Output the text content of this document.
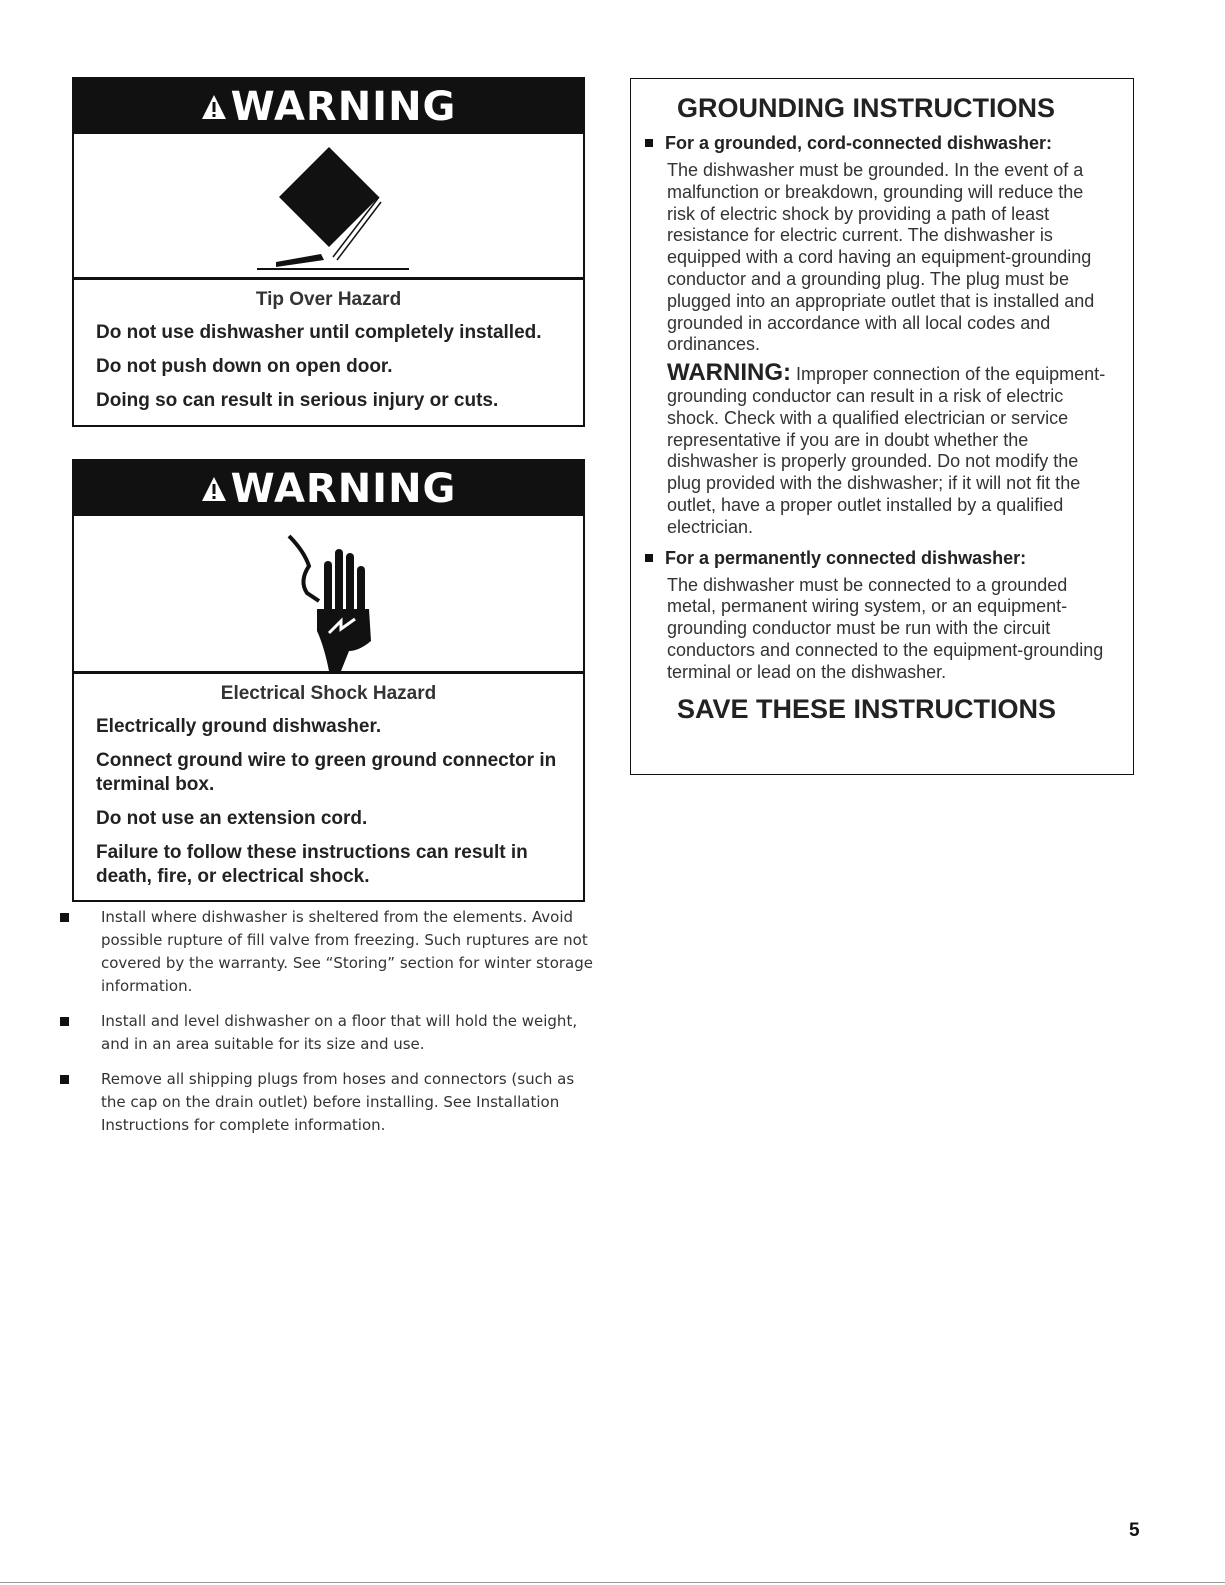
WARNING
Tip Over Hazard
Do not use dishwasher until completely installed.
Do not push down on open door.
Doing so can result in serious injury or cuts.
WARNING
Electrical Shock Hazard
Electrically ground dishwasher.
Connect ground wire to green ground connector in terminal box.
Do not use an extension cord.
Failure to follow these instructions can result in death, fire, or electrical shock.
Install where dishwasher is sheltered from the elements. Avoid possible rupture of fill valve from freezing. Such ruptures are not covered by the warranty. See “Storing” section for winter storage information.
Install and level dishwasher on a floor that will hold the weight, and in an area suitable for its size and use.
Remove all shipping plugs from hoses and connectors (such as the cap on the drain outlet) before installing. See Installation Instructions for complete information.
GROUNDING INSTRUCTIONS
For a grounded, cord-connected dishwasher:
The dishwasher must be grounded. In the event of a malfunction or breakdown, grounding will reduce the risk of electric shock by providing a path of least resistance for electric current. The dishwasher is equipped with a cord having an equipment-grounding conductor and a grounding plug. The plug must be plugged into an appropriate outlet that is installed and grounded in accordance with all local codes and ordinances.
WARNING: Improper connection of the equipment-grounding conductor can result in a risk of electric shock. Check with a qualified electrician or service representative if you are in doubt whether the dishwasher is properly grounded. Do not modify the plug provided with the dishwasher; if it will not fit the outlet, have a proper outlet installed by a qualified electrician.
For a permanently connected dishwasher:
The dishwasher must be connected to a grounded metal, permanent wiring system, or an equipment-grounding conductor must be run with the circuit conductors and connected to the equipment-grounding terminal or lead on the dishwasher.
SAVE THESE INSTRUCTIONS
5
